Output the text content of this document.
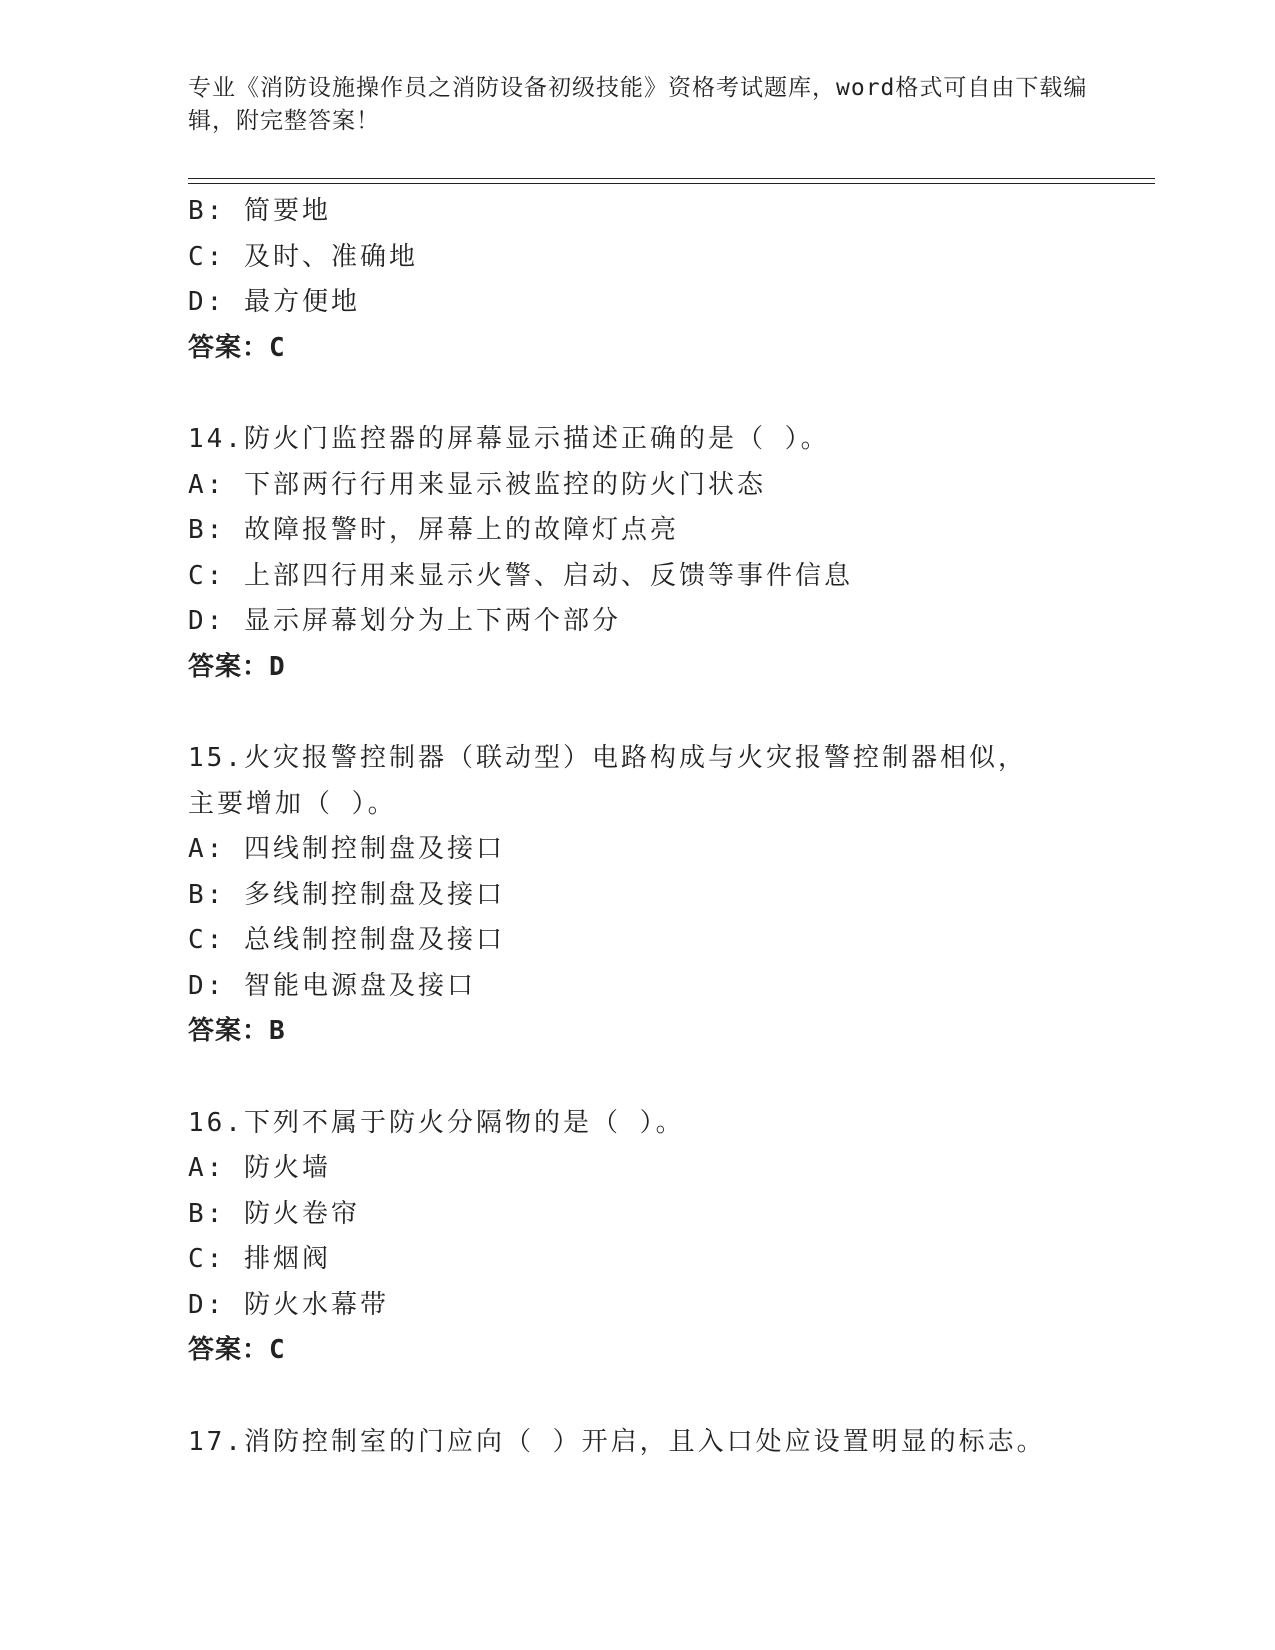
专业《消防设施操作员之消防设备初级技能》资格考试题库，word格式可自由下载编辑，附完整答案！
B: 简要地
C: 及时、准确地
D: 最方便地
答案：C
14.防火门监控器的屏幕显示描述正确的是（ ）。
A: 下部两行行用来显示被监控的防火门状态
B: 故障报警时，屏幕上的故障灯点亮
C: 上部四行用来显示火警、启动、反馈等事件信息
D: 显示屏幕划分为上下两个部分
答案：D
15.火灾报警控制器（联动型）电路构成与火灾报警控制器相似，主要增加（ ）。
A: 四线制控制盘及接口
B: 多线制控制盘及接口
C: 总线制控制盘及接口
D: 智能电源盘及接口
答案：B
16.下列不属于防火分隔物的是（ ）。
A: 防火墙
B: 防火卷帘
C: 排烟阀
D: 防火水幕带
答案：C
17.消防控制室的门应向（ ）开启，且入口处应设置明显的标志。
